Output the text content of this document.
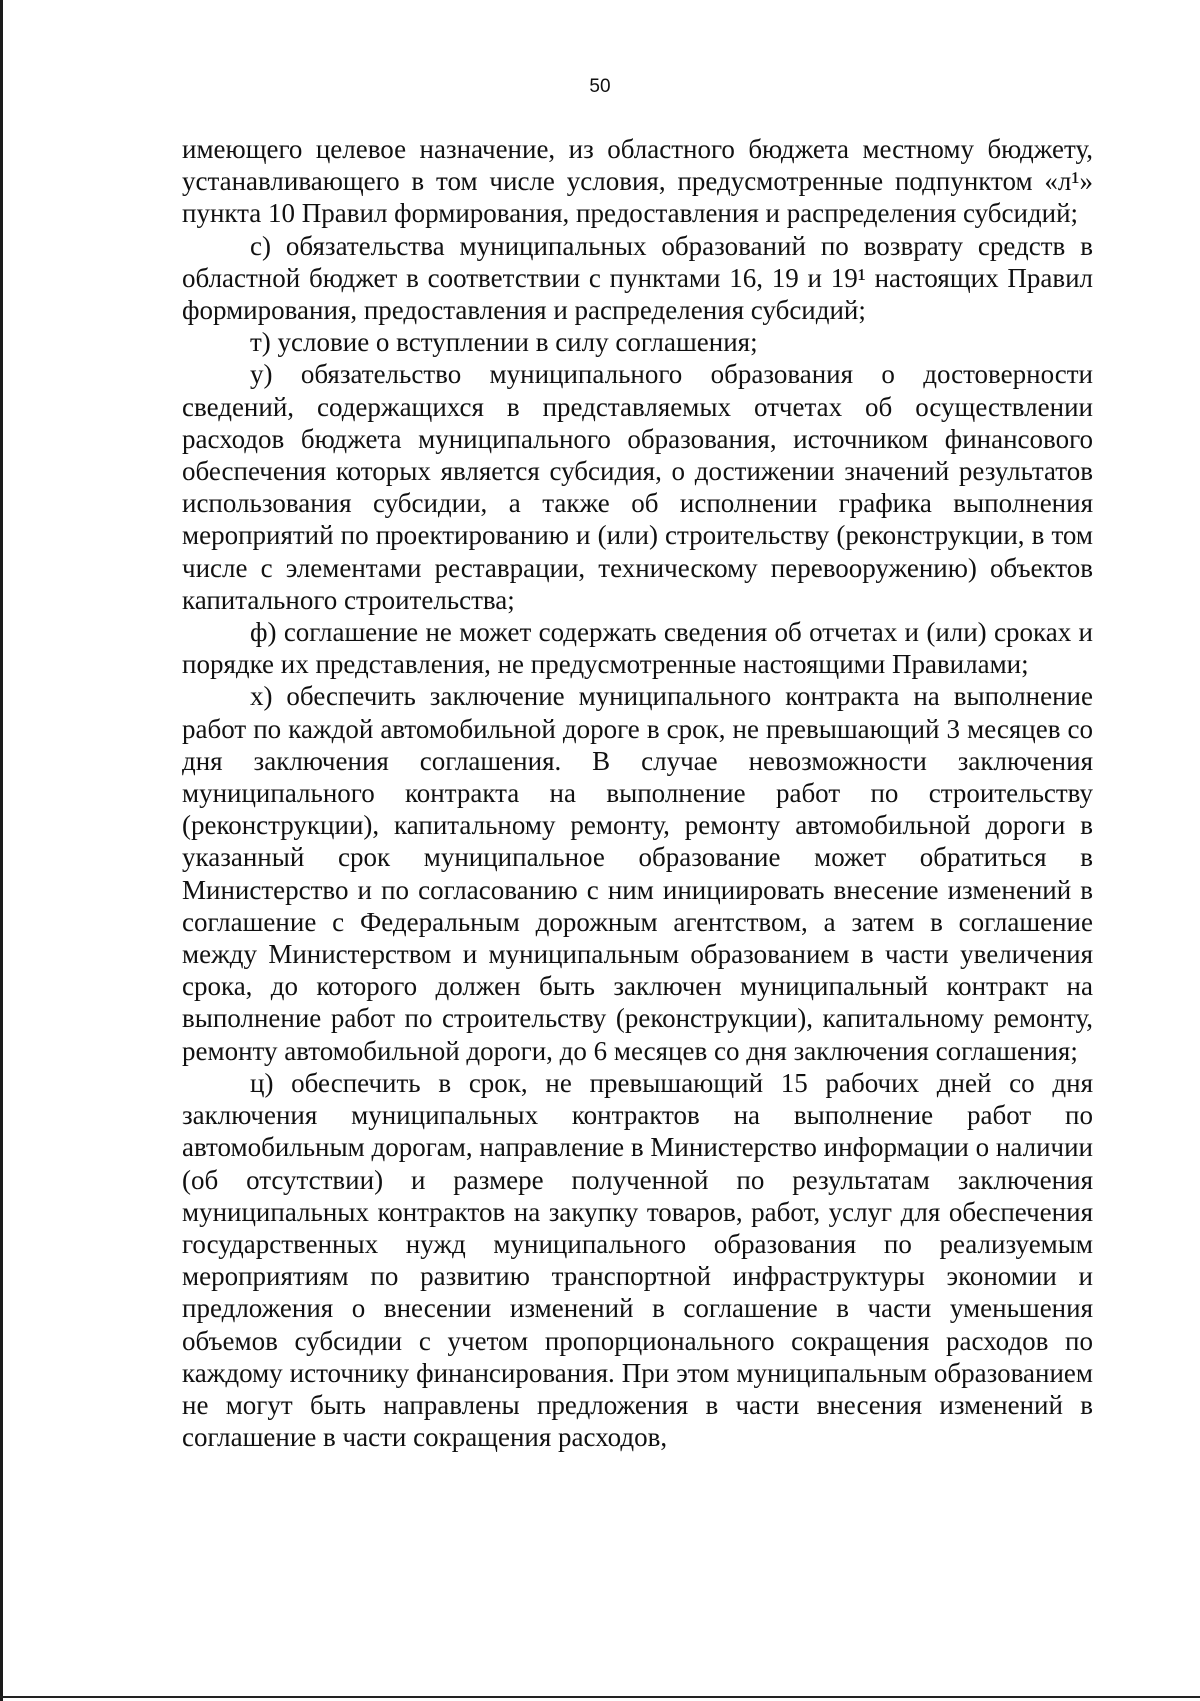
50

имеющего целевое назначение, из областного бюджета местному бюджету, устанавливающего в том числе условия, предусмотренные подпунктом «л¹» пункта 10 Правил формирования, предоставления и распределения субсидий;

с) обязательства муниципальных образований по возврату средств в областной бюджет в соответствии с пунктами 16, 19 и 19¹ настоящих Правил формирования, предоставления и распределения субсидий;

т) условие о вступлении в силу соглашения;

у) обязательство муниципального образования о достоверности сведений, содержащихся в представляемых отчетах об осуществлении расходов бюджета муниципального образования, источником финансового обеспечения которых является субсидия, о достижении значений результатов использования субсидии, а также об исполнении графика выполнения мероприятий по проектированию и (или) строительству (реконструкции, в том числе с элементами реставрации, техническому перевооружению) объектов капитального строительства;

ф) соглашение не может содержать сведения об отчетах и (или) сроках и порядке их представления, не предусмотренные настоящими Правилами;

х) обеспечить заключение муниципального контракта на выполнение работ по каждой автомобильной дороге в срок, не превышающий 3 месяцев со дня заключения соглашения. В случае невозможности заключения муниципального контракта на выполнение работ по строительству (реконструкции), капитальному ремонту, ремонту автомобильной дороги в указанный срок муниципальное образование может обратиться в Министерство и по согласованию с ним инициировать внесение изменений в соглашение с Федеральным дорожным агентством, а затем в соглашение между Министерством и муниципальным образованием в части увеличения срока, до которого должен быть заключен муниципальный контракт на выполнение работ по строительству (реконструкции), капитальному ремонту, ремонту автомобильной дороги, до 6 месяцев со дня заключения соглашения;

ц) обеспечить в срок, не превышающий 15 рабочих дней со дня заключения муниципальных контрактов на выполнение работ по автомобильным дорогам, направление в Министерство информации о наличии (об отсутствии) и размере полученной по результатам заключения муниципальных контрактов на закупку товаров, работ, услуг для обеспечения государственных нужд муниципального образования по реализуемым мероприятиям по развитию транспортной инфраструктуры экономии и предложения о внесении изменений в соглашение в части уменьшения объемов субсидии с учетом пропорционального сокращения расходов по каждому источнику финансирования. При этом муниципальным образованием не могут быть направлены предложения в части внесения изменений в соглашение в части сокращения расходов,
